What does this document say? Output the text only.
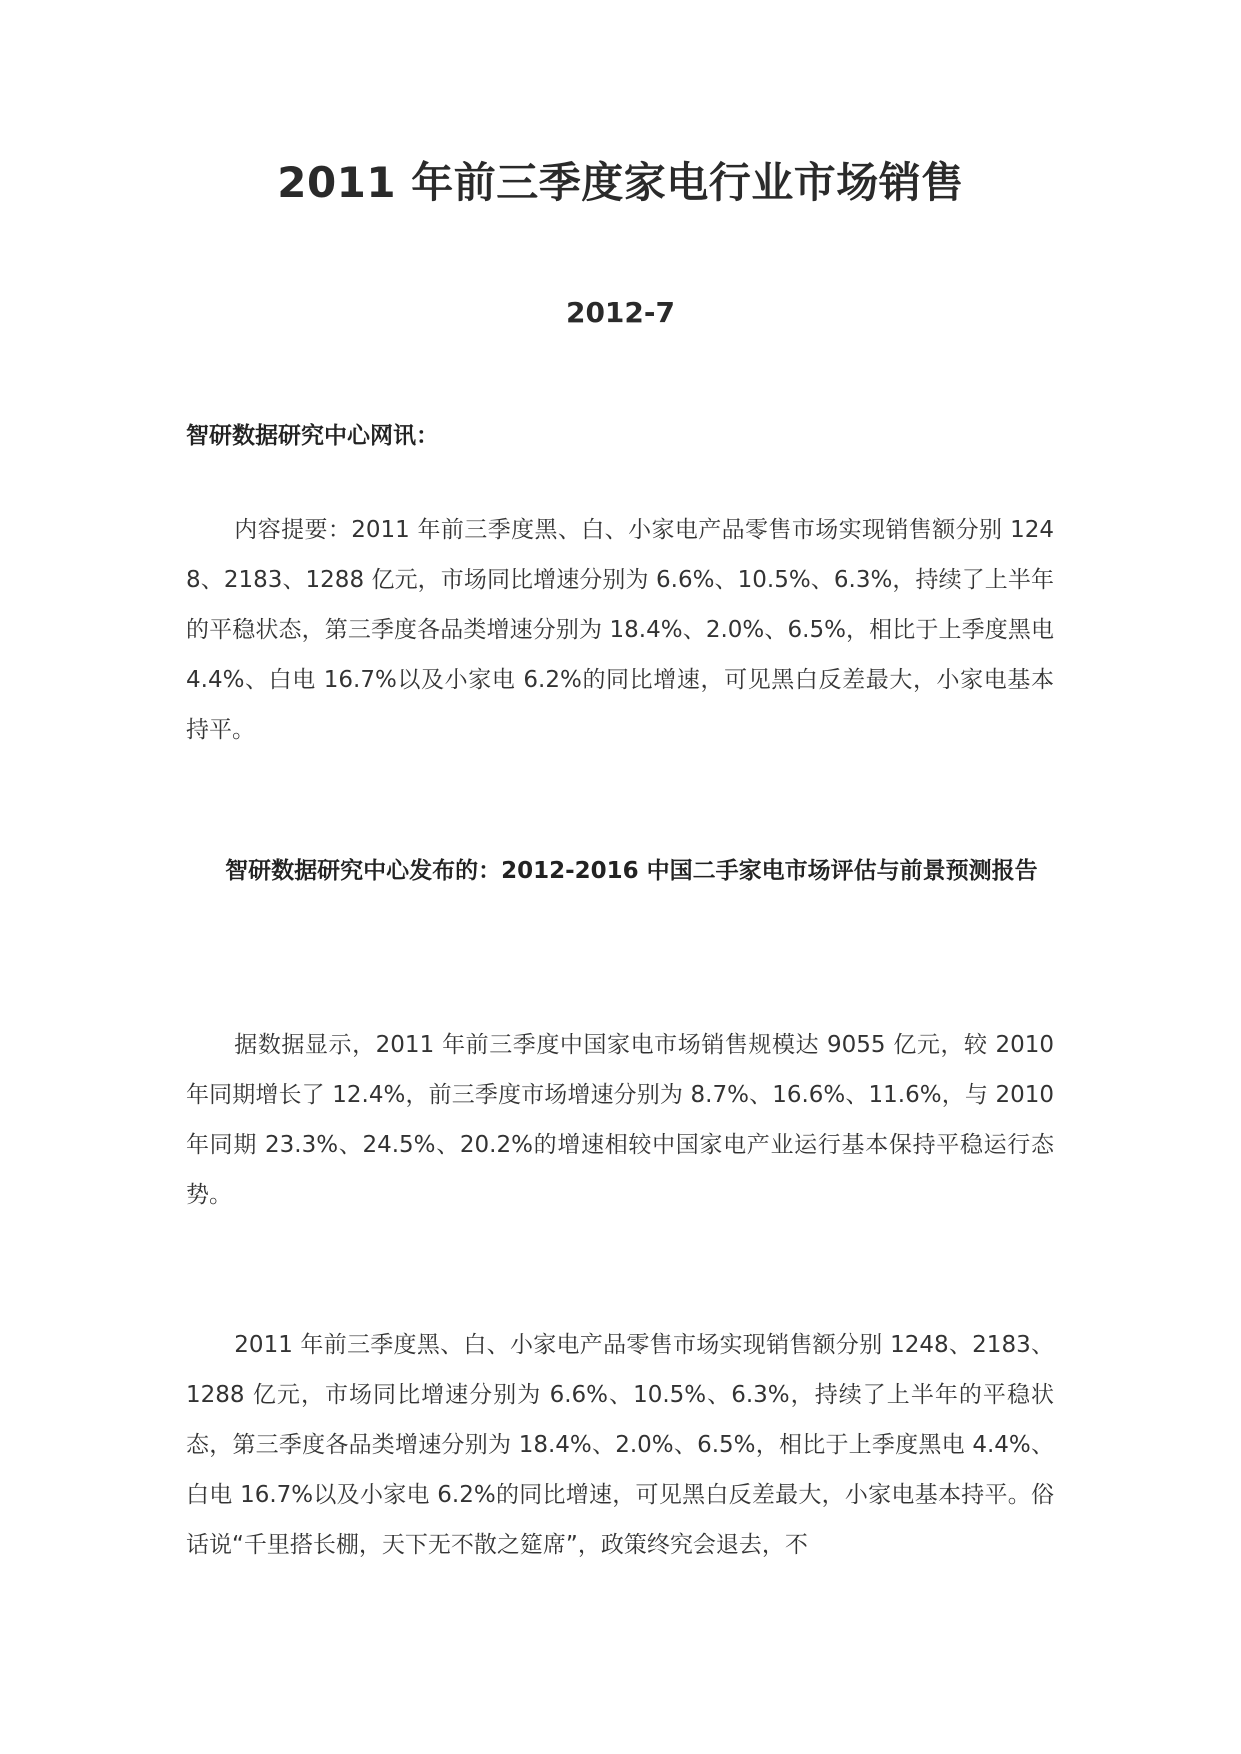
2011 年前三季度家电行业市场销售
2012-7
智研数据研究中心网讯：

内容提要：2011 年前三季度黑、白、小家电产品零售市场实现销售额分别 1248、2183、1288 亿元，市场同比增速分别为 6.6%、10.5%、6.3%，持续了上半年的平稳状态，第三季度各品类增速分别为 18.4%、2.0%、6.5%，相比于上季度黑电 4.4%、白电 16.7%以及小家电 6.2%的同比增速，可见黑白反差最大，小家电基本持平。

智研数据研究中心发布的：2012-2016 中国二手家电市场评估与前景预测报告

据数据显示，2011 年前三季度中国家电市场销售规模达 9055 亿元，较 2010 年同期增长了 12.4%，前三季度市场增速分别为 8.7%、16.6%、11.6%，与 2010 年同期 23.3%、24.5%、20.2%的增速相较中国家电产业运行基本保持平稳运行态势。

2011 年前三季度黑、白、小家电产品零售市场实现销售额分别 1248、2183、1288 亿元，市场同比增速分别为 6.6%、10.5%、6.3%，持续了上半年的平稳状态，第三季度各品类增速分别为 18.4%、2.0%、6.5%，相比于上季度黑电 4.4%、白电 16.7%以及小家电 6.2%的同比增速，可见黑白反差最大，小家电基本持平。俗话说“千里搭长棚，天下无不散之筵席”，政策终究会退去，不
